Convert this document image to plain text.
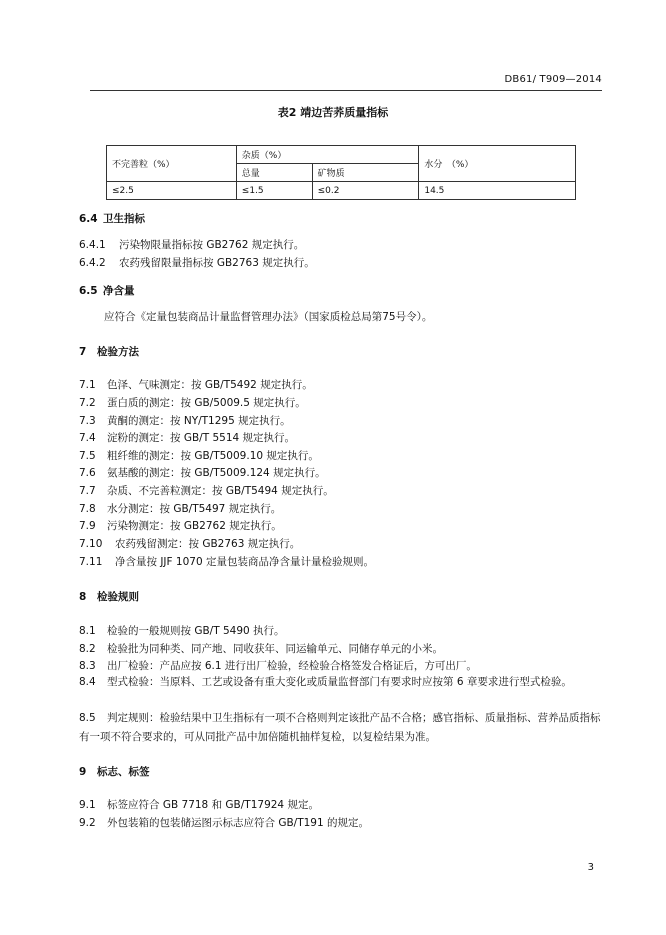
DB61/ T909—2014
表2 靖边苦荞质量指标
不完善粒（%）	杂质（%）		水分　（%）
	总量	矿物质	
≤2.5	≤1.5	≤0.2	14.5
6.4 卫生指标
6.4.1 污染物限量指标按 GB2762 规定执行。
6.4.2 农药残留限量指标按 GB2763 规定执行。
6.5 净含量
应符合《定量包装商品计量监督管理办法》（国家质检总局第75号令）。
7 检验方法
7.1 色泽、气味测定：按 GB/T5492 规定执行。
7.2 蛋白质的测定：按 GB/5009.5 规定执行。
7.3 黄酮的测定：按 NY/T1295 规定执行。
7.4 淀粉的测定：按 GB/T 5514 规定执行。
7.5 粗纤维的测定：按 GB/T5009.10 规定执行。
7.6 氨基酸的测定：按 GB/T5009.124 规定执行。
7.7 杂质、不完善粒测定：按 GB/T5494 规定执行。
7.8 水分测定：按 GB/T5497 规定执行。
7.9 污染物测定：按 GB2762 规定执行。
7.10 农药残留测定：按 GB2763 规定执行。
7.11 净含量按 JJF 1070 定量包装商品净含量计量检验规则。
8 检验规则
8.1 检验的一般规则按 GB/T 5490 执行。
8.2 检验批为同种类、同产地、同收获年、同运输单元、同储存单元的小米。
8.3 出厂检验：产品应按 6.1 进行出厂检验，经检验合格签发合格证后，方可出厂。
8.4 型式检验：当原料、工艺或设备有重大变化或质量监督部门有要求时应按第 6 章要求进行型式检验。
8.5 判定规则：检验结果中卫生指标有一项不合格则判定该批产品不合格；感官指标、质量指标、营养品质指标有一项不符合要求的，可从同批产品中加倍随机抽样复检，以复检结果为准。
9 标志、标签
9.1 标签应符合 GB 7718 和 GB/T17924 规定。
9.2 外包装箱的包装储运图示标志应符合 GB/T191 的规定。
3
